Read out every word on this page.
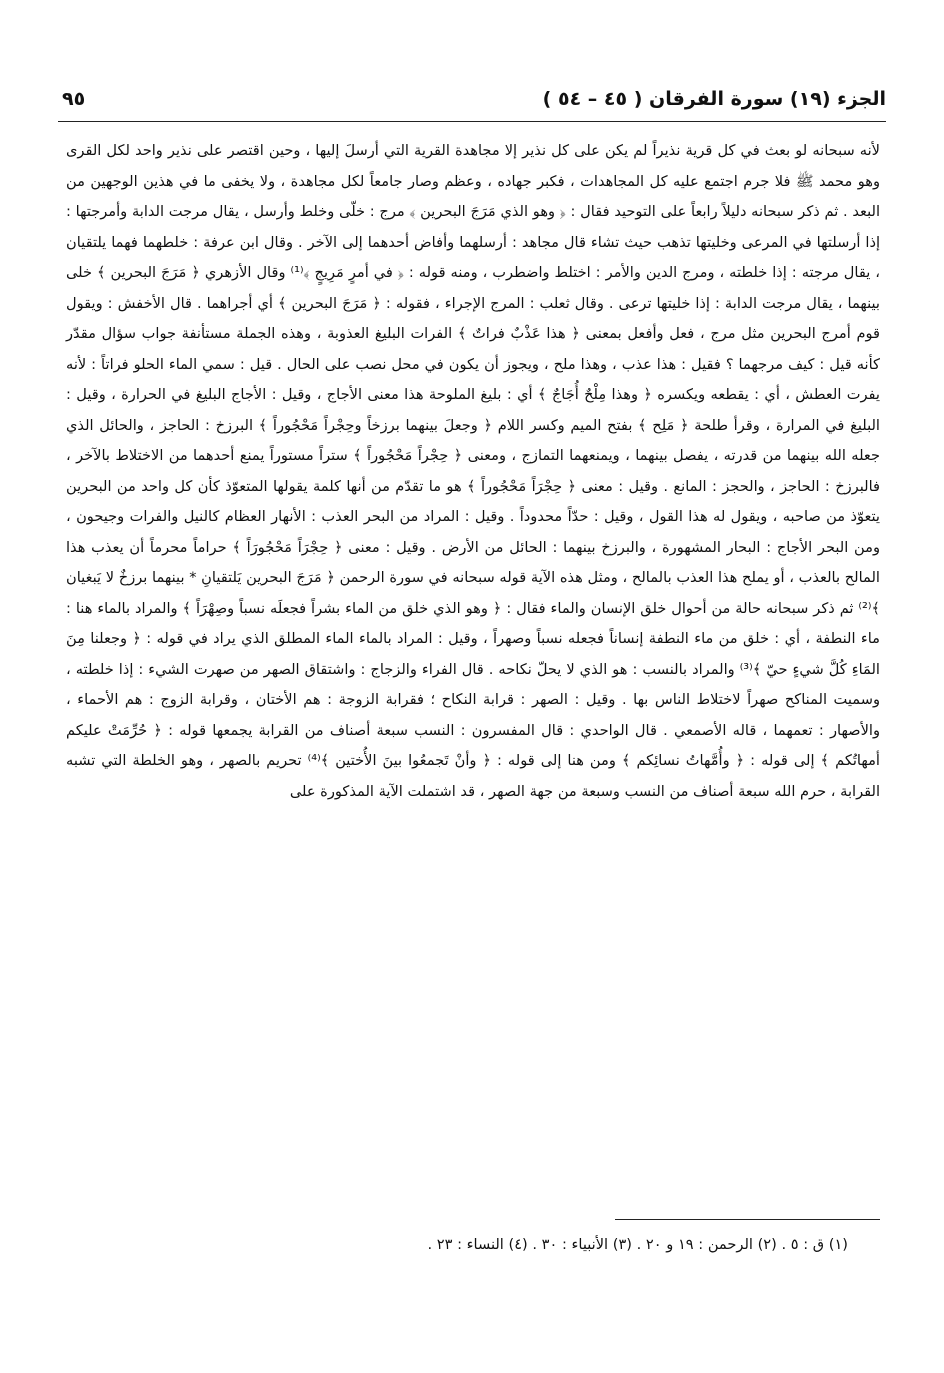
الجزء (١٩) سورة الفرقان ( ٤٥ – ٥٤ )
٩٥

لأنه سبحانه لو بعث في كل قرية نذيراً لم يكن على كل نذير إلا مجاهدة القرية التي أرسلَ إليها ، وحين اقتصر على نذير واحد لكل القرى وهو محمد ﷺ فلا جرم اجتمع عليه كل المجاهدات ، فكبر جهاده ، وعظم وصار جامعاً لكل مجاهدة ، ولا يخفى ما في هذين الوجهين من البعد . ثم ذكر سبحانه دليلاً رابعاً على التوحيد فقال : ﴿ وهو الذي مَرَجَ البحرين ﴾ مرج : خلّى وخلط وأرسل ، يقال مرجت الدابة وأمرجتها : إذا أرسلتها في المرعى وخليتها تذهب حيث تشاء قال مجاهد : أرسلهما وأفاض أحدهما إلى الآخر . وقال ابن عرفة : خلطهما فهما يلتقيان ، يقال مرجته : إذا خلطته ، ومرج الدين والأمر : اختلط واضطرب ، ومنه قوله : ﴿ في أمرٍ مَرِيجٍ ﴾⁽¹⁾ وقال الأزهري ﴿ مَرَجَ البحرين ﴾ خلى بينهما ، يقال مرجت الدابة : إذا خليتها ترعى . وقال ثعلب : المرج الإجراء ، فقوله : ﴿ مَرَجَ البحرين ﴾ أي أجراهما . قال الأخفش : ويقول قوم أمرج البحرين مثل مرج ، فعل وأفعل بمعنى ﴿ هذا عَذْبٌ فراتٌ ﴾ الفرات البليغ العذوبة ، وهذه الجملة مستأنفة جواب سؤال مقدّر كأنه قيل : كيف مرجهما ؟ فقيل : هذا عذب ، وهذا ملح ، ويجوز أن يكون في محل نصب على الحال . قيل : سمي الماء الحلو فراتاً : لأنه يفرت العطش ، أي : يقطعه ويكسره ﴿ وهذا مِلْحٌ أُجَاجٌ ﴾ أي : بليغ الملوحة هذا معنى الأجاج ، وقيل : الأجاج البليغ في الحرارة ، وقيل : البليغ في المرارة ، وقرأ طلحة ﴿ مَلِح ﴾ بفتح الميم وكسر اللام ﴿ وجعلَ بينهما برزخاً وحِجْراً مَحْجُوراً ﴾ البرزخ : الحاجز ، والحائل الذي جعله الله بينهما من قدرته ، يفصل بينهما ، ويمنعهما التمازج ، ومعنى ﴿ حِجْراً مَحْجُوراً ﴾ ستراً مستوراً يمنع أحدهما من الاختلاط بالآخر ، فالبرزخ : الحاجز ، والحجز : المانع . وقيل : معنى ﴿ حِجْرَاً مَحْجُوراً ﴾ هو ما تقدّم من أنها كلمة يقولها المتعوّذ كأن كل واحد من البحرين يتعوّذ من صاحبه ، ويقول له هذا القول ، وقيل : حدّاً محدوداً . وقيل : المراد من البحر العذب : الأنهار العظام كالنيل والفرات وجيحون ، ومن البحر الأجاج : البحار المشهورة ، والبرزخ بينهما : الحائل من الأرض . وقيل : معنى ﴿ حِجْرَاً مَحْجُورَاً ﴾ حراماً محرماً أن يعذب هذا المالح بالعذب ، أو يملح هذا العذب بالمالح ، ومثل هذه الآية قوله سبحانه في سورة الرحمن ﴿ مَرَجَ البحرين يَلتقيانِ * بينهما برزخٌ لا يَبغيان ﴾⁽²⁾ ثم ذكر سبحانه حالة من أحوال خلق الإنسان والماء فقال : ﴿ وهو الذي خلق من الماء بشراً فجعلَه نسباً وصِهْرَاً ﴾ والمراد بالماء هنا : ماء النطفة ، أي : خلق من ماء النطفة إنساناً فجعله نسباً وصهراً ، وقيل : المراد بالماء الماء المطلق الذي يراد في قوله : ﴿ وجعلنا مِنَ المَاءِ كُلَّ شيءٍ حيّ ﴾⁽³⁾ والمراد بالنسب : هو الذي لا يحلّ نكاحه . قال الفراء والزجاج : واشتقاق الصهر من صهرت الشيء : إذا خلطته ، وسميت المناكح صهراً لاختلاط الناس بها . وقيل : الصهر : قرابة النكاح ؛ فقرابة الزوجة : هم الأختان ، وقرابة الزوج : هم الأحماء ، والأصهار : تعمهما ، قاله الأصمعي . قال الواحدي : قال المفسرون : النسب سبعة أصناف من القرابة يجمعها قوله : ﴿ حُرِّمَتْ عليكم أمهاتُكم ﴾ إلى قوله : ﴿ وأُمَّهاتُ نسائِكم ﴾ ومن هنا إلى قوله : ﴿ وأنْ تَجمعُوا بينَ الأُختين ﴾⁽⁴⁾ تحريم بالصهر ، وهو الخلطة التي تشبه القرابة ، حرم الله سبعة أصناف من النسب وسبعة من جهة الصهر ، قد اشتملت الآية المذكورة على

(١) ق : ٥ . (٢) الرحمن : ١٩ و ٢٠ . (٣) الأنبياء : ٣٠ . (٤) النساء : ٢٣ .
